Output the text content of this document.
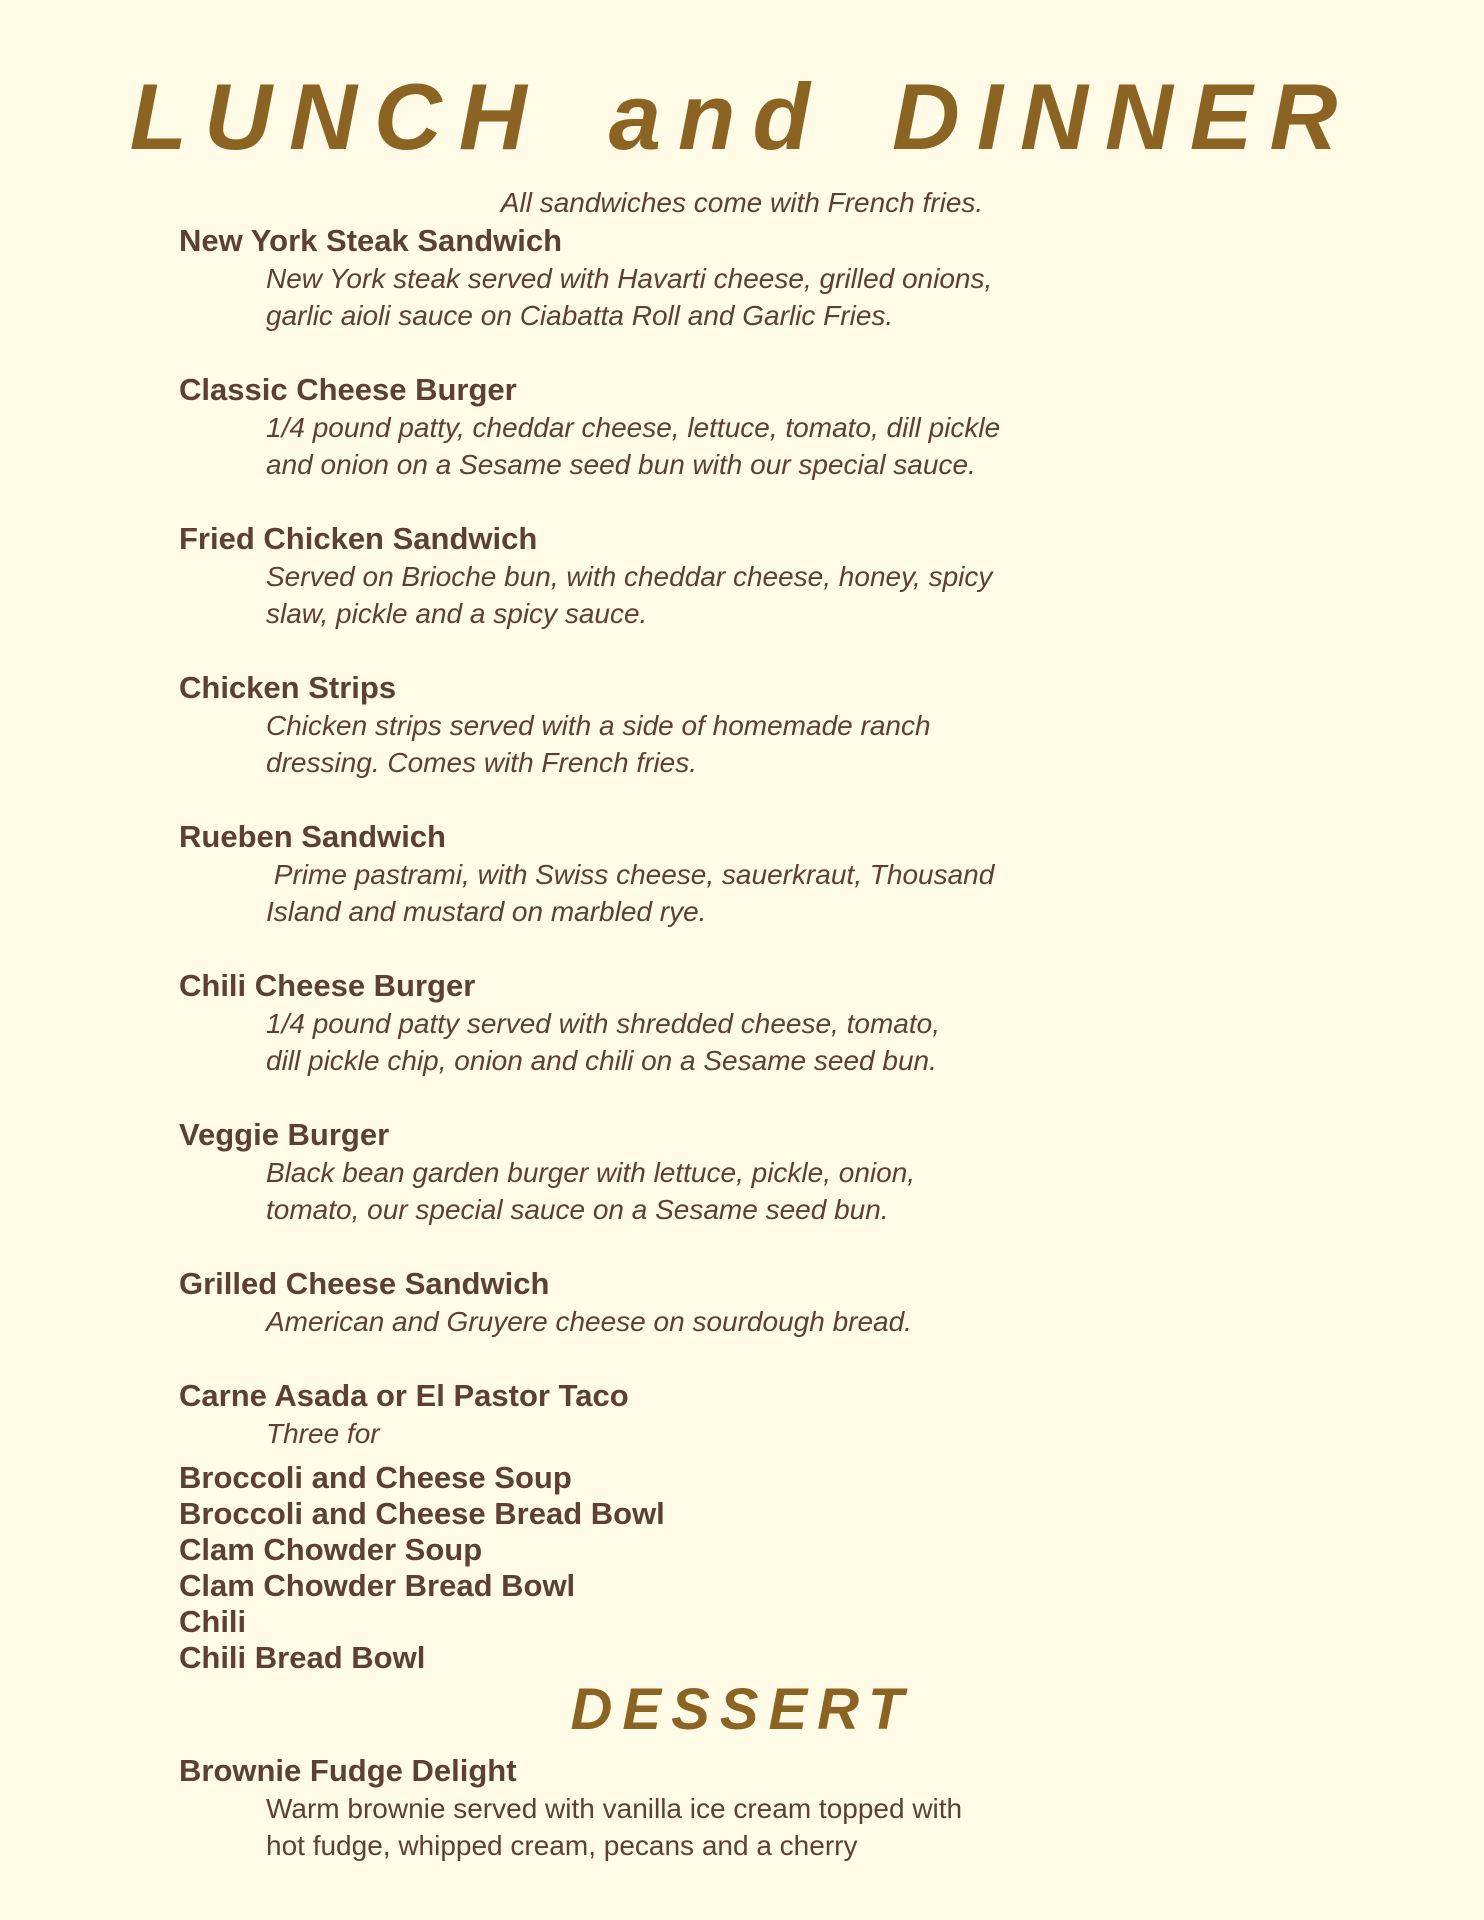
LUNCH and DINNER
All sandwiches come with French fries.
New York Steak Sandwich
New York steak served with Havarti cheese, grilled onions,
garlic aioli sauce on Ciabatta Roll and Garlic Fries.
Classic Cheese Burger
1/4 pound patty, cheddar cheese, lettuce, tomato, dill pickle
and onion on a Sesame seed bun with our special sauce.
Fried Chicken Sandwich
Served on Brioche bun, with cheddar cheese, honey, spicy
slaw, pickle and a spicy sauce.
Chicken Strips
Chicken strips served with a side of homemade ranch
dressing. Comes with French fries.
Rueben Sandwich
Prime pastrami, with Swiss cheese, sauerkraut, Thousand
Island and mustard on marbled rye.
Chili Cheese Burger
1/4 pound patty served with shredded cheese, tomato,
dill pickle chip, onion and chili on a Sesame seed bun.
Veggie Burger
Black bean garden burger with lettuce, pickle, onion,
tomato, our special sauce on a Sesame seed bun.
Grilled Cheese Sandwich
American and Gruyere cheese on sourdough bread.
Carne Asada or El Pastor Taco
Three for
Broccoli and Cheese Soup
Broccoli and Cheese Bread Bowl
Clam Chowder Soup
Clam Chowder Bread Bowl
Chili
Chili Bread Bowl
DESSERT
Brownie Fudge Delight
Warm brownie served with vanilla ice cream topped with
hot fudge, whipped cream, pecans and a cherry
